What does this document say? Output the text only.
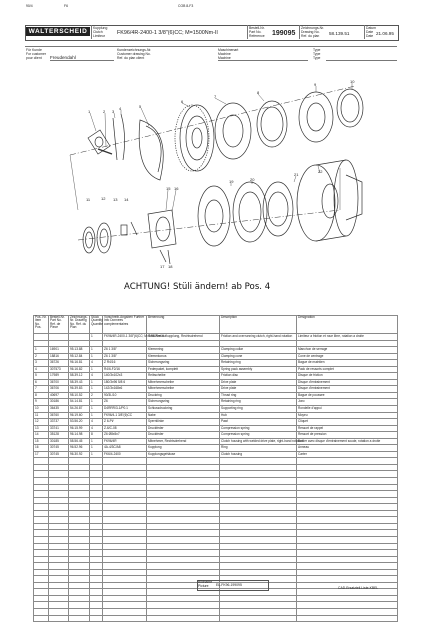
90/4	F6	COB 8-F3
WALTERSCHEID	Kupplung
Clutch
Limiteur FK96/4R-2400-1 3/8"(6)CC; M=1500Nm-II
Bestell-Nr.
Part No.
Reference 199095
Zeichnungs-Nr.
Drawing No.
Ref. du plan 58.139.51
Datum
Date
Date 21.06.95
Für Kunde
For customer
pour client Freudendahl
Kundenzeichnungs-Nr.
Customer drawing No.
Ref. du plan client
Maschinenart
Machine
Machine
Type
Type
Type
1	2 3
4	5
6
7
8
9
10
11	12 13 14
15 16
17 18
19	20
21
22
ACHTUNG! Stüli ändern! ab Pos. 4
Pos.-Nr. Item No. Pos.	Bestell-Nr. Part No. Ref. de Piece	Zeichnungs-Nr. Drawing No. Ref. du Plan	Stück Quantity Quantite	Vorschreib-Angaben Further Info Donnees complementaires	Benennung	Description	Designation
			1	FK96/4R-2400-1 3/8"(6)CC; M=1500Nm-II	Reib-Freilaufkupplung, Rechtsdrehend	Friction and overrunning clutch, right-hand rotation	Limiteur a friction et roue libre, rotation a droite

1	16901	95.13.88	1	Z6 1 3/8"	Klemmring	Clamping collar	Manchon de serrage
2	18816	95.12.84	1	Z6 1 3/8"	Klemmkonus	Clamping cone	Cone de centrage
3	36726	96.16.81	4	Z R4/16	Sicherungsring	Retaining ring	Bague de maintien
4	307573	96.16.82	1	R4/6-F2/16	Federpaket, komplett	Spring pack assembly	Pack de ressorts complet
5	17989	58.39.12	4	140/3x102x3	Reibscheibe	Friction disc	Disque de friction
6	36700	58.39.43	1	180/3x96 5/8 6	Mitnehmerscheibe	Drive plate	Disque d'entrainement
7	36706	96.39.83	1	142/3x168x6	Mitnehmerscheibe	Drive plate	Disque d'entrainement
8	40697	98.10.52	2	90/3L/10	Druckring	Thrust ring	Bague de poussee
9	30186	54.14.81	1	Z6	Sicherungsring	Retaining ring	Jonc
10	36435	54.26.87	1	D4RRR/3-1/P0.1	Schlussdruckring	Supporting ring	Rondelle d'appui
11	36760	96.19.60	1	FK96/4-1 3/8"(6)CC	Nabe	Hub	Moyeu
12	33737	53.56.20	4	Z 6-Pt/	Sperrklinke	Pawl	Cliquet
13	33741	96.15.99	4	Z-6/C-08	Druckfeder	Compression spring	Ressort de rappel
14	35128	96.14.98	8	Z6 Ø8x5x7	Druckfeder	Compression spring	Ressort de pression
15	30185	58.56.45	1	FK96/4R	Mitnehmer, Rechtsdrehend	Clutch housing with welded drive plate, right-hand rotation	Boitier avec disque d'entrainement soude, rotation a droite
16	30745	96.52.96	1	4A-4/3C/A8	Kupplung	Ring	Anneau
17	30745	96.30.92	1	FK6/4-2400	Kupplungsgehäuse	Clutch housing	Carter

Bildname
Picture EL-FK96-199095
CAD-Ersatzteil-Liste-KBEL
